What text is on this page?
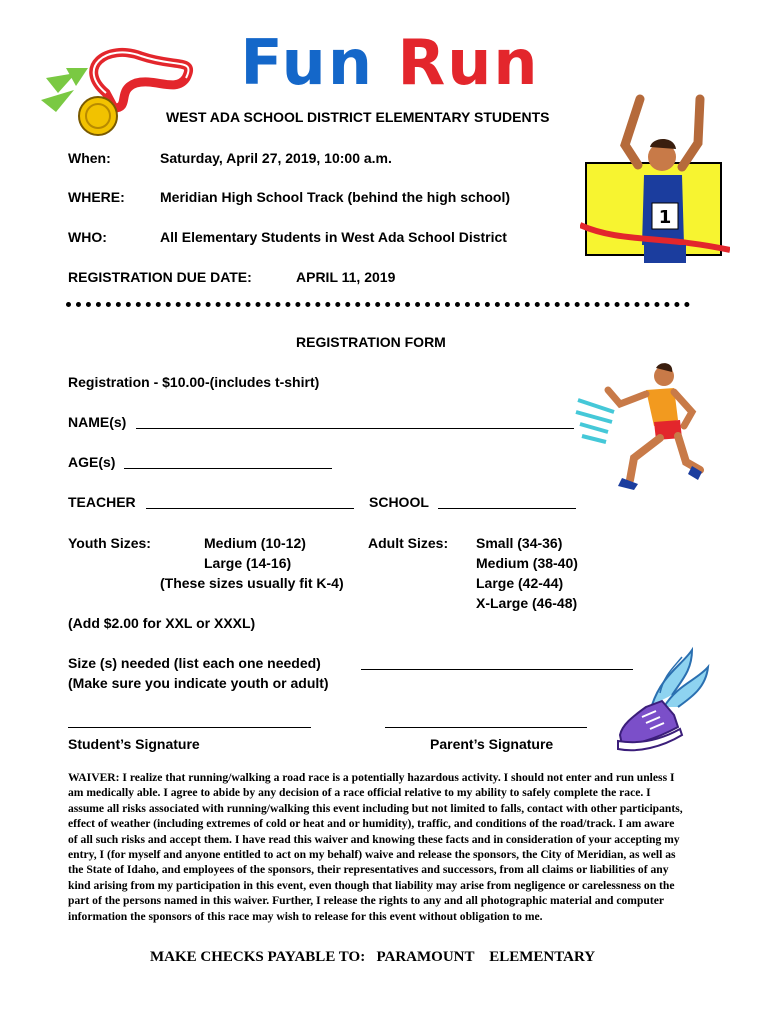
Fun Run
WEST ADA SCHOOL DISTRICT ELEMENTARY STUDENTS
1
When:	Saturday, April 27, 2019, 10:00 a.m.
WHERE:	Meridian High School Track (behind the high school)
WHO:	All Elementary Students in West Ada School District
REGISTRATION DUE DATE:	APRIL 11, 2019
REGISTRATION FORM
Registration - $10.00-(includes t-shirt)
NAME(s)
AGE(s)
TEACHER	SCHOOL
Youth Sizes:	Medium (10-12)
Large (14-16)
(These sizes usually fit K-4)
Adult Sizes: Small (34-36)
Medium (38-40)
Large (42-44)
X-Large (46-48)
(Add $2.00 for XXL or XXXL)
Size (s) needed (list each one needed)
(Make sure you indicate youth or adult)
Student’s Signature	Parent’s Signature
WAIVER: I realize that running/walking a road race is a potentially hazardous activity. I should not enter and run unless I am medically able. I agree to abide by any decision of a race official relative to my ability to safely complete the race. I assume all risks associated with running/walking this event including but not limited to falls, contact with other participants, effect of weather (including extremes of cold or heat and or humidity), traffic, and conditions of the road/track. I am aware of all such risks and accept them. I have read this waiver and knowing these facts and in consideration of your accepting my entry, I (for myself and anyone entitled to act on my behalf) waive and release the sponsors, the City of Meridian, as well as the State of Idaho, and employees of the sponsors, their representatives and successors, from all claims or liabilities of any kind arising from my participation in this event, even though that liability may arise from negligence or carelessness on the part of the persons named in this waiver. Further, I release the rights to any and all photographic material and computer information the sponsors of this race may wish to release for this event without obligation to me.
MAKE CHECKS PAYABLE TO:   PARAMOUNT    ELEMENTARY
